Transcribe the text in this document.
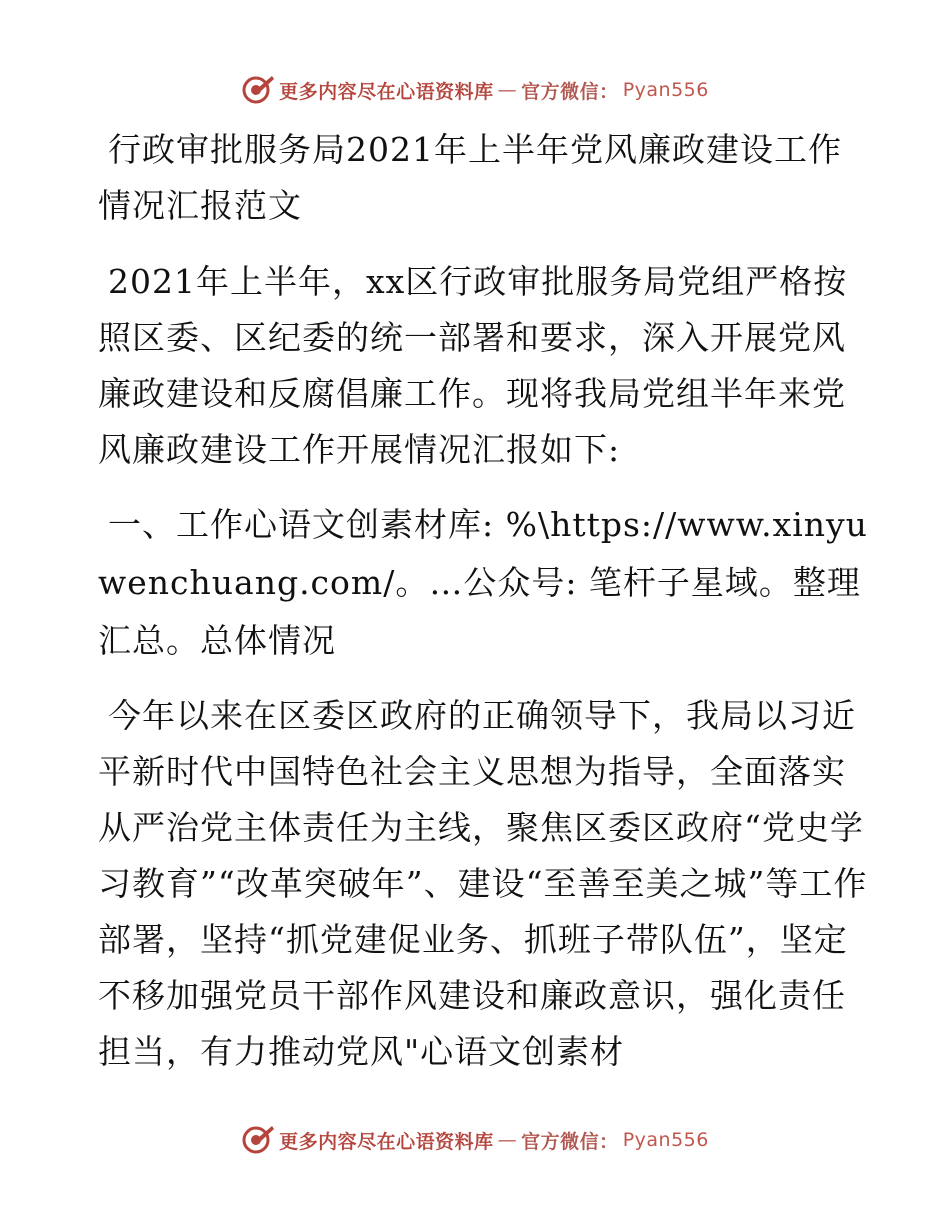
更多内容尽在心语资料库 — 官方微信： Pyan556

行政审批服务局2021年上半年党风廉政建设工作情况汇报范文

2021年上半年，xx区行政审批服务局党组严格按照区委、区纪委的统一部署和要求，深入开展党风廉政建设和反腐倡廉工作。现将我局党组半年来党风廉政建设工作开展情况汇报如下:

一、工作心语文创素材库: %\https://www.xinyuwenchuang.com/。…公众号: 笔杆子星域。整理汇总。总体情况

今年以来在区委区政府的正确领导下，我局以习近平新时代中国特色社会主义思想为指导，全面落实从严治党主体责任为主线，聚焦区委区政府“党史学习教育”“改革突破年”、建设“至善至美之城”等工作部署，坚持“抓党建促业务、抓班子带队伍”，坚定不移加强党员干部作风建设和廉政意识，强化责任担当，有力推动党风"心语文创素材

更多内容尽在心语资料库 — 官方微信： Pyan556
